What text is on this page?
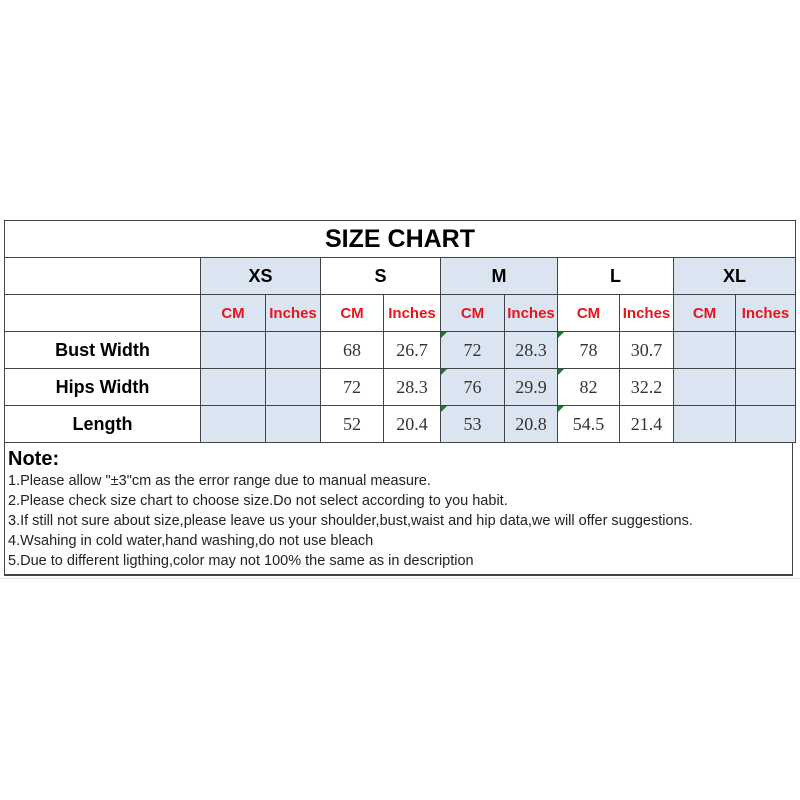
SIZE CHART										
	XS		S		M		L		XL	
	CM	Inches	CM	Inches	CM	Inches	CM	Inches	CM	Inches
Bust Width			68	26.7	72	28.3	78	30.7		
Hips Width			72	28.3	76	29.9	82	32.2		
Length			52	20.4	53	20.8	54.5	21.4		
Note:
1.Please allow "±3"cm as the error range due to manual measure.
2.Please check size chart to choose size.Do not select according to you habit.
3.If still not sure about size,please leave us your shoulder,bust,waist and hip data,we will offer suggestions.
4.Wsahing in cold water,hand washing,do not use bleach
5.Due to different ligthing,color may not 100% the same as in description
